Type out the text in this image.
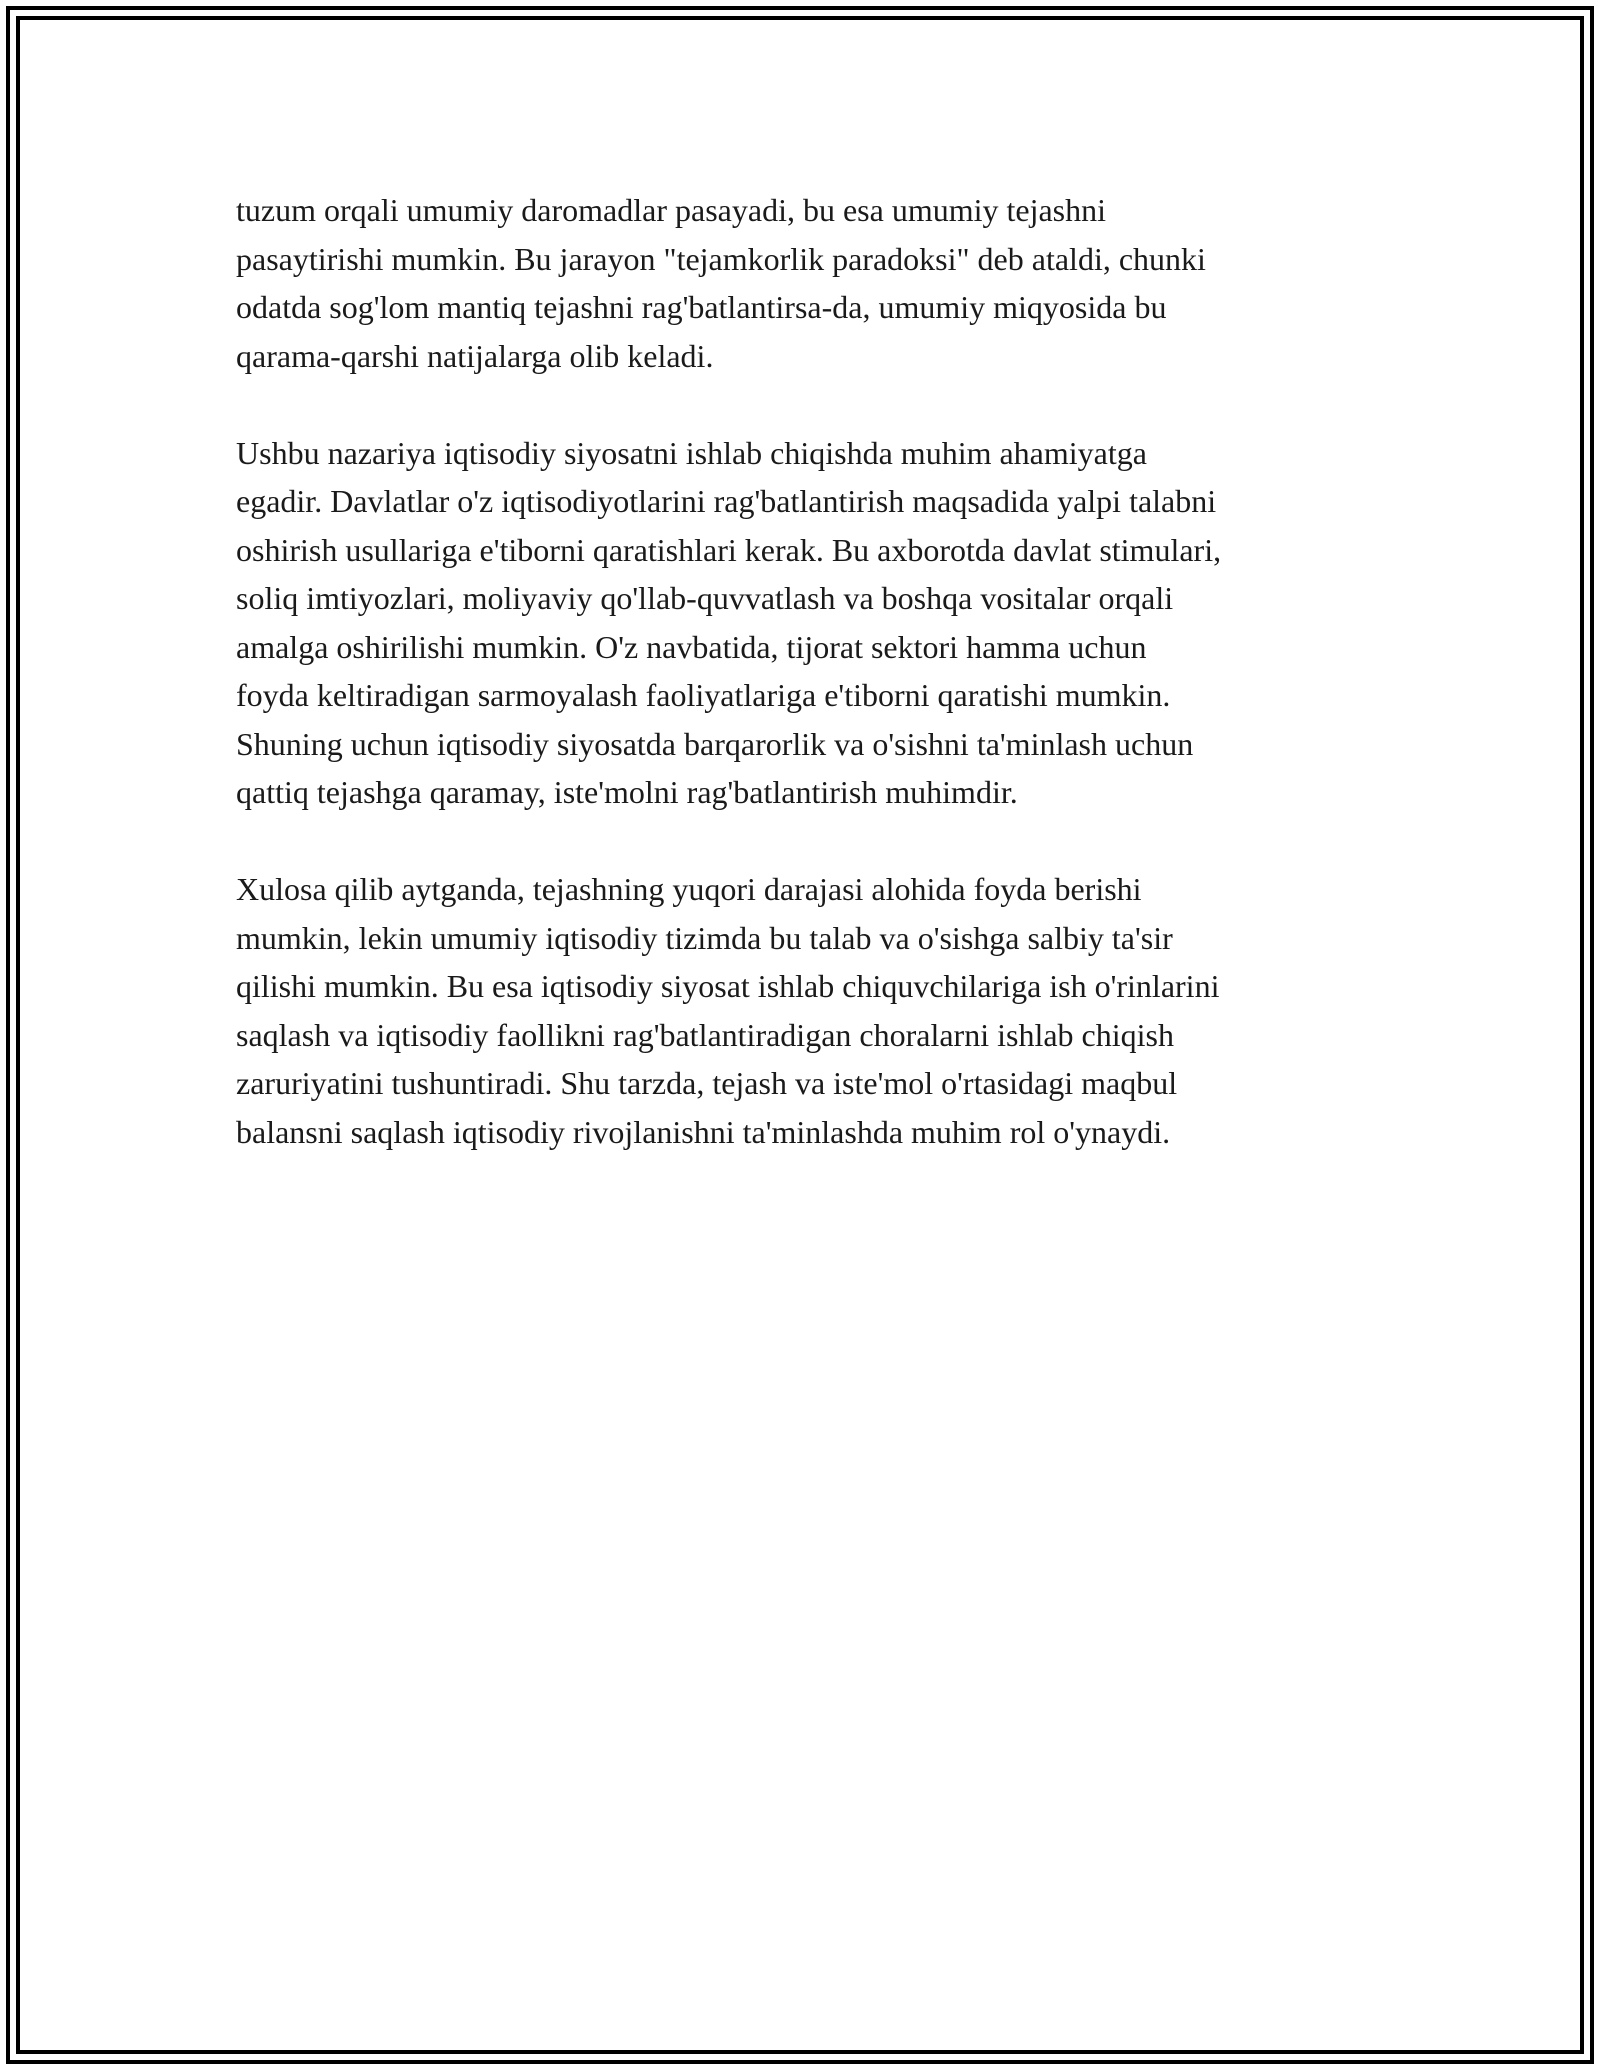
tuzum orqali umumiy daromadlar pasayadi, bu esa umumiy tejashni
pasaytirishi mumkin. Bu jarayon "tejamkorlik paradoksi" deb ataldi, chunki
odatda sog'lom mantiq tejashni rag'batlantirsa-da, umumiy miqyosida bu
qarama-qarshi natijalarga olib keladi.
Ushbu nazariya iqtisodiy siyosatni ishlab chiqishda muhim ahamiyatga
egadir. Davlatlar o'z iqtisodiyotlarini rag'batlantirish maqsadida yalpi talabni
oshirish usullariga e'tiborni qaratishlari kerak. Bu axborotda davlat stimulari,
soliq imtiyozlari, moliyaviy qo'llab-quvvatlash va boshqa vositalar orqali
amalga oshirilishi mumkin. O'z navbatida, tijorat sektori hamma uchun
foyda keltiradigan sarmoyalash faoliyatlariga e'tiborni qaratishi mumkin.
Shuning uchun iqtisodiy siyosatda barqarorlik va o'sishni ta'minlash uchun
qattiq tejashga qaramay, iste'molni rag'batlantirish muhimdir.
Xulosa qilib aytganda, tejashning yuqori darajasi alohida foyda berishi
mumkin, lekin umumiy iqtisodiy tizimda bu talab va o'sishga salbiy ta'sir
qilishi mumkin. Bu esa iqtisodiy siyosat ishlab chiquvchilariga ish o'rinlarini
saqlash va iqtisodiy faollikni rag'batlantiradigan choralarni ishlab chiqish
zaruriyatini tushuntiradi. Shu tarzda, tejash va iste'mol o'rtasidagi maqbul
balansni saqlash iqtisodiy rivojlanishni ta'minlashda muhim rol o'ynaydi.
